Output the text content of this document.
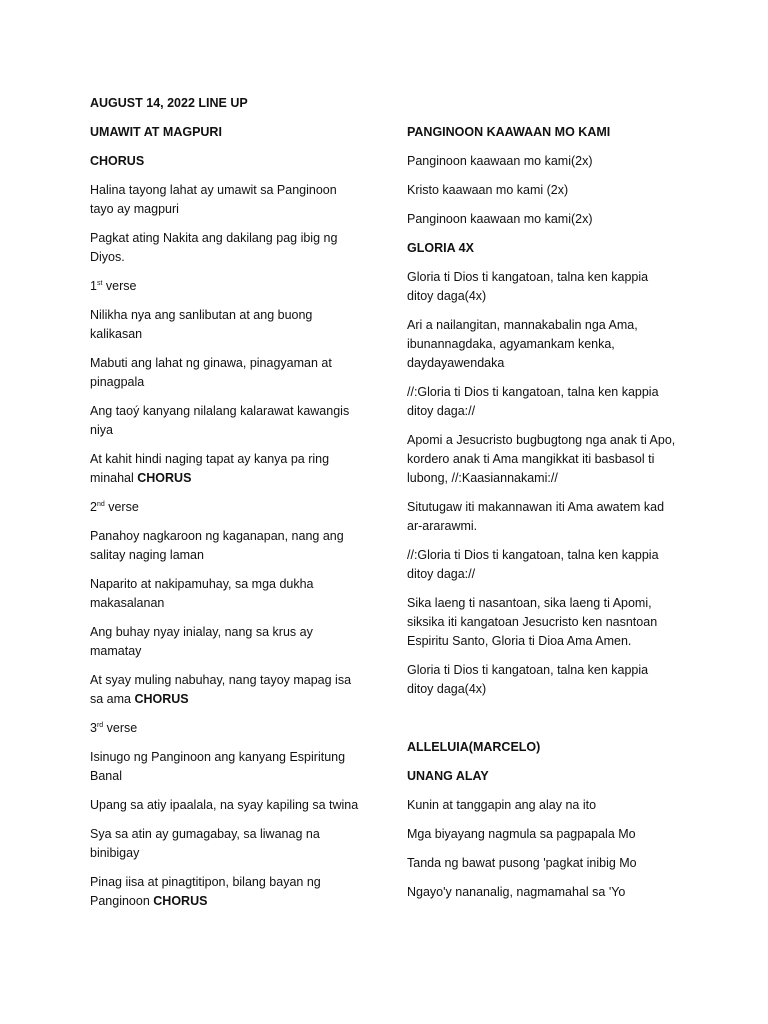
AUGUST 14, 2022 LINE UP
UMAWIT AT MAGPURI
CHORUS
Halina tayong lahat ay umawit sa Panginoon
tayo ay magpuri
Pagkat ating Nakita ang dakilang pag ibig ng
Diyos.
1st verse
Nilikha nya ang sanlibutan at ang buong
kalikasan
Mabuti ang lahat ng ginawa, pinagyaman at
pinagpala
Ang taoý kanyang nilalang kalarawat kawangis
niya
At kahit hindi naging tapat ay kanya pa ring
minahal CHORUS
2nd verse
Panahoy nagkaroon ng kaganapan, nang ang
salitay naging laman
Naparito at nakipamuhay, sa mga dukha
makasalanan
Ang buhay nyay inialay, nang sa krus ay
mamatay
At syay muling nabuhay, nang tayoy mapag isa
sa ama CHORUS
3rd verse
Isinugo ng Panginoon ang kanyang Espiritung
Banal
Upang sa atiy ipaalala, na syay kapiling sa twina
Sya sa atin ay gumagabay, sa liwanag na
binibigay
Pinag iisa at pinagtitipon, bilang bayan ng
Panginoon CHORUS
PANGINOON KAAWAAN MO KAMI
Panginoon kaawaan mo kami(2x)
Kristo kaawaan mo kami (2x)
Panginoon kaawaan mo kami(2x)
GLORIA 4X
Gloria ti Dios ti kangatoan, talna ken kappia
ditoy daga(4x)
Ari a nailangitan, mannakabalin nga Ama,
ibunannagdaka, agyamankam kenka,
daydayawendaka
//:Gloria ti Dios ti kangatoan, talna ken kappia
ditoy daga://
Apomi a Jesucristo bugbugtong nga anak ti Apo,
kordero anak ti Ama mangikkat iti basbasol ti
lubong, //:Kaasiannakami://
Situtugaw iti makannawan iti Ama awatem kad
ar-ararawmi.
//:Gloria ti Dios ti kangatoan, talna ken kappia
ditoy daga://
Sika laeng ti nasantoan, sika laeng ti Apomi,
siksika iti kangatoan Jesucristo ken nasntoan
Espiritu Santo, Gloria ti Dioa Ama Amen.
Gloria ti Dios ti kangatoan, talna ken kappia
ditoy daga(4x)
ALLELUIA(MARCELO)
UNANG ALAY
Kunin at tanggapin ang alay na ito
Mga biyayang nagmula sa pagpapala Mo
Tanda ng bawat pusong 'pagkat inibig Mo
Ngayo'y nananalig, nagmamahal sa 'Yo
